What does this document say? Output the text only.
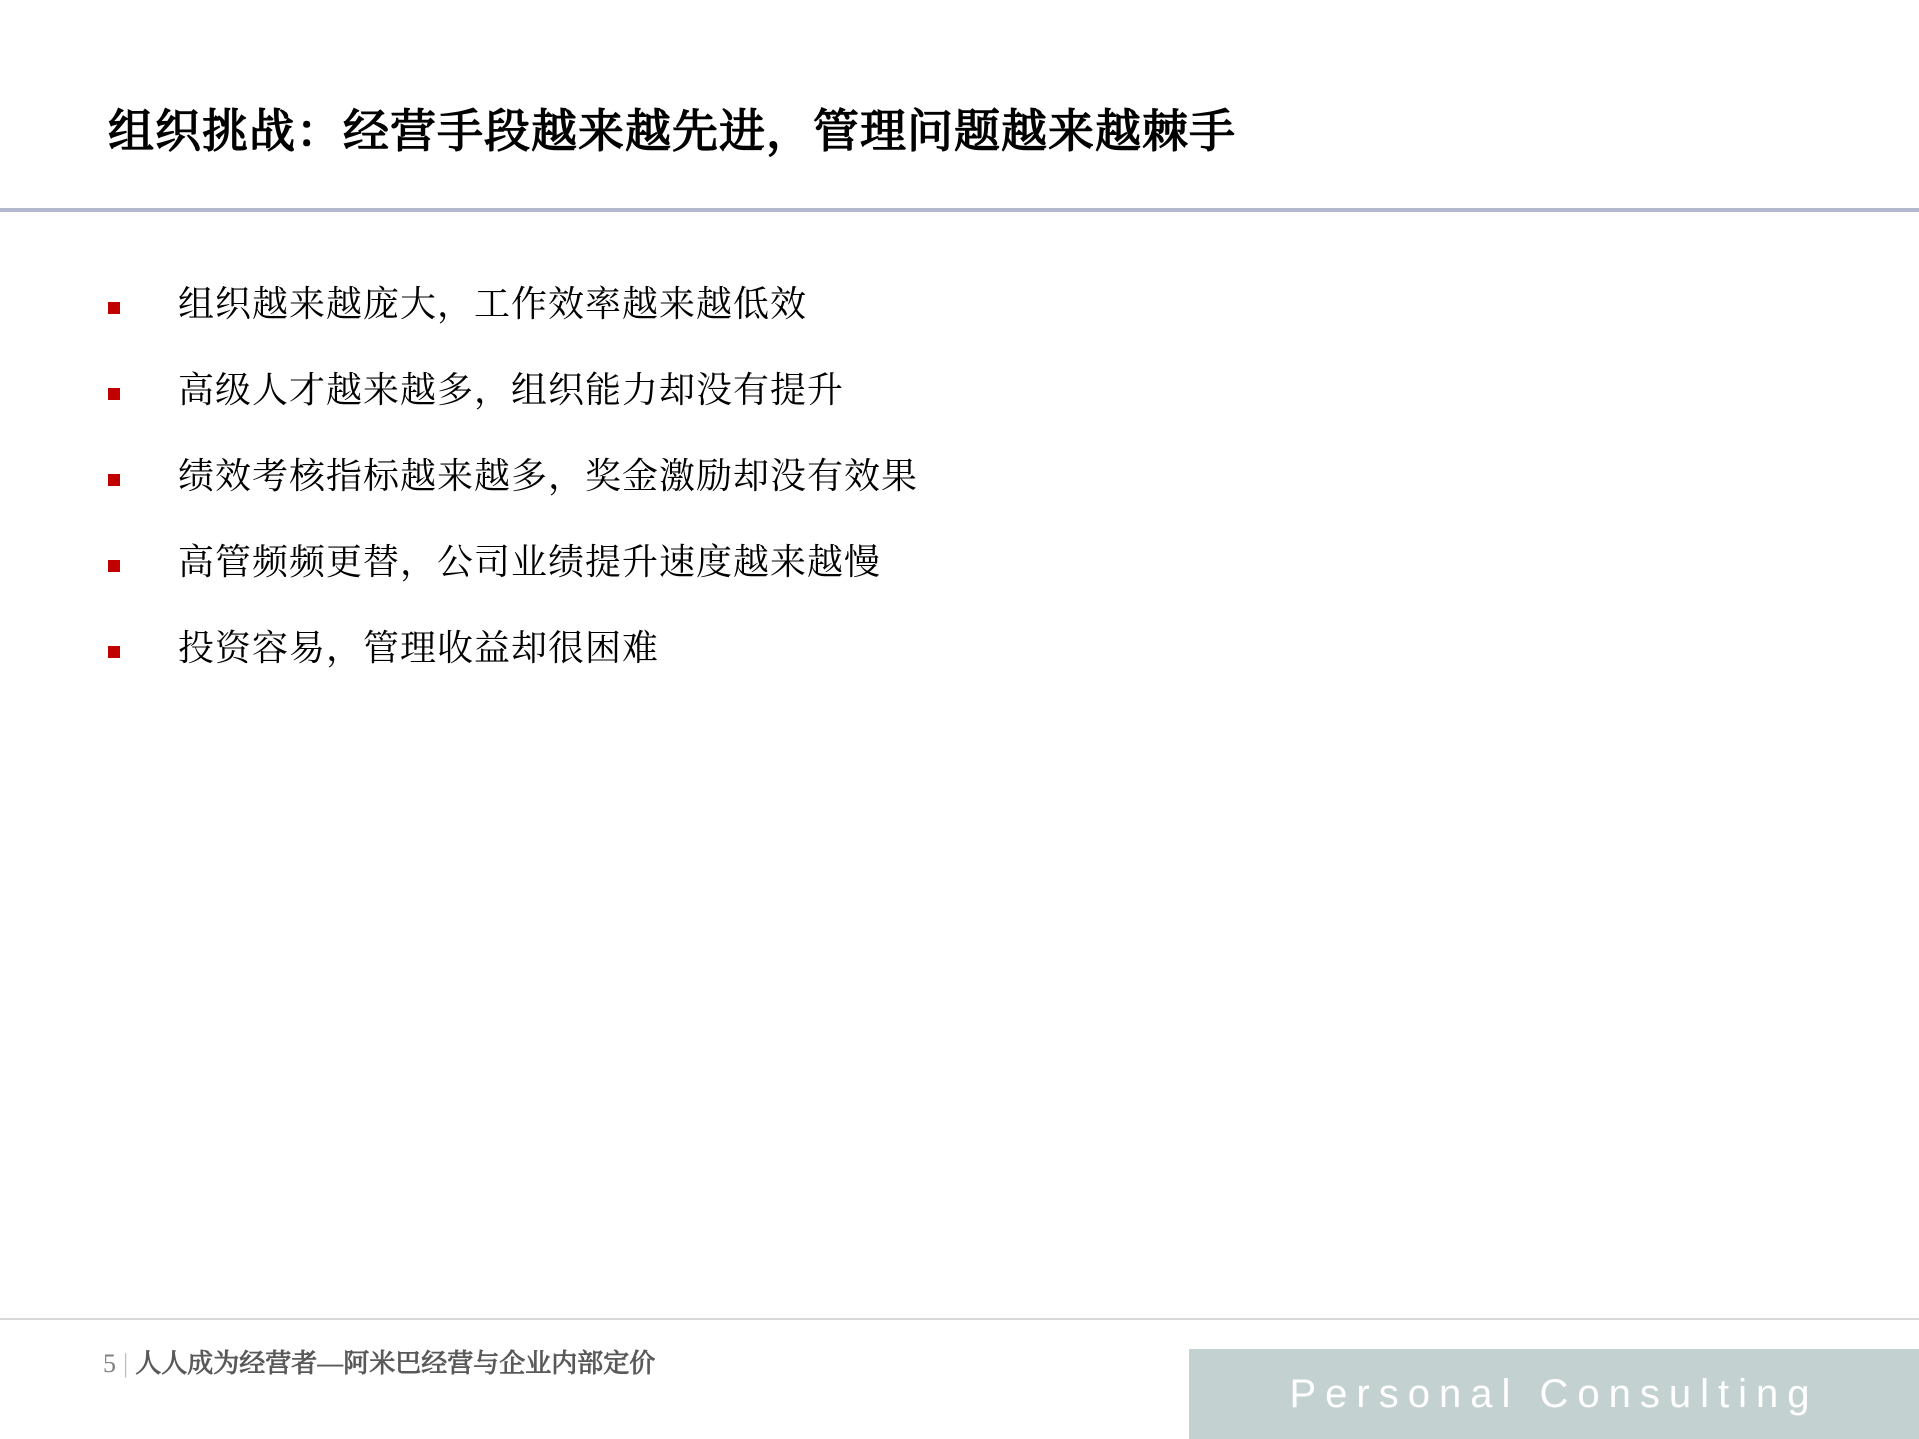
组织挑战：经营手段越来越先进，管理问题越来越棘手
组织越来越庞大，工作效率越来越低效
高级人才越来越多，组织能力却没有提升
绩效考核指标越来越多，奖金激励却没有效果
高管频频更替，公司业绩提升速度越来越慢
投资容易，管理收益却很困难
5 | 人人成为经营者—阿米巴经营与企业内部定价
Personal Consulting
